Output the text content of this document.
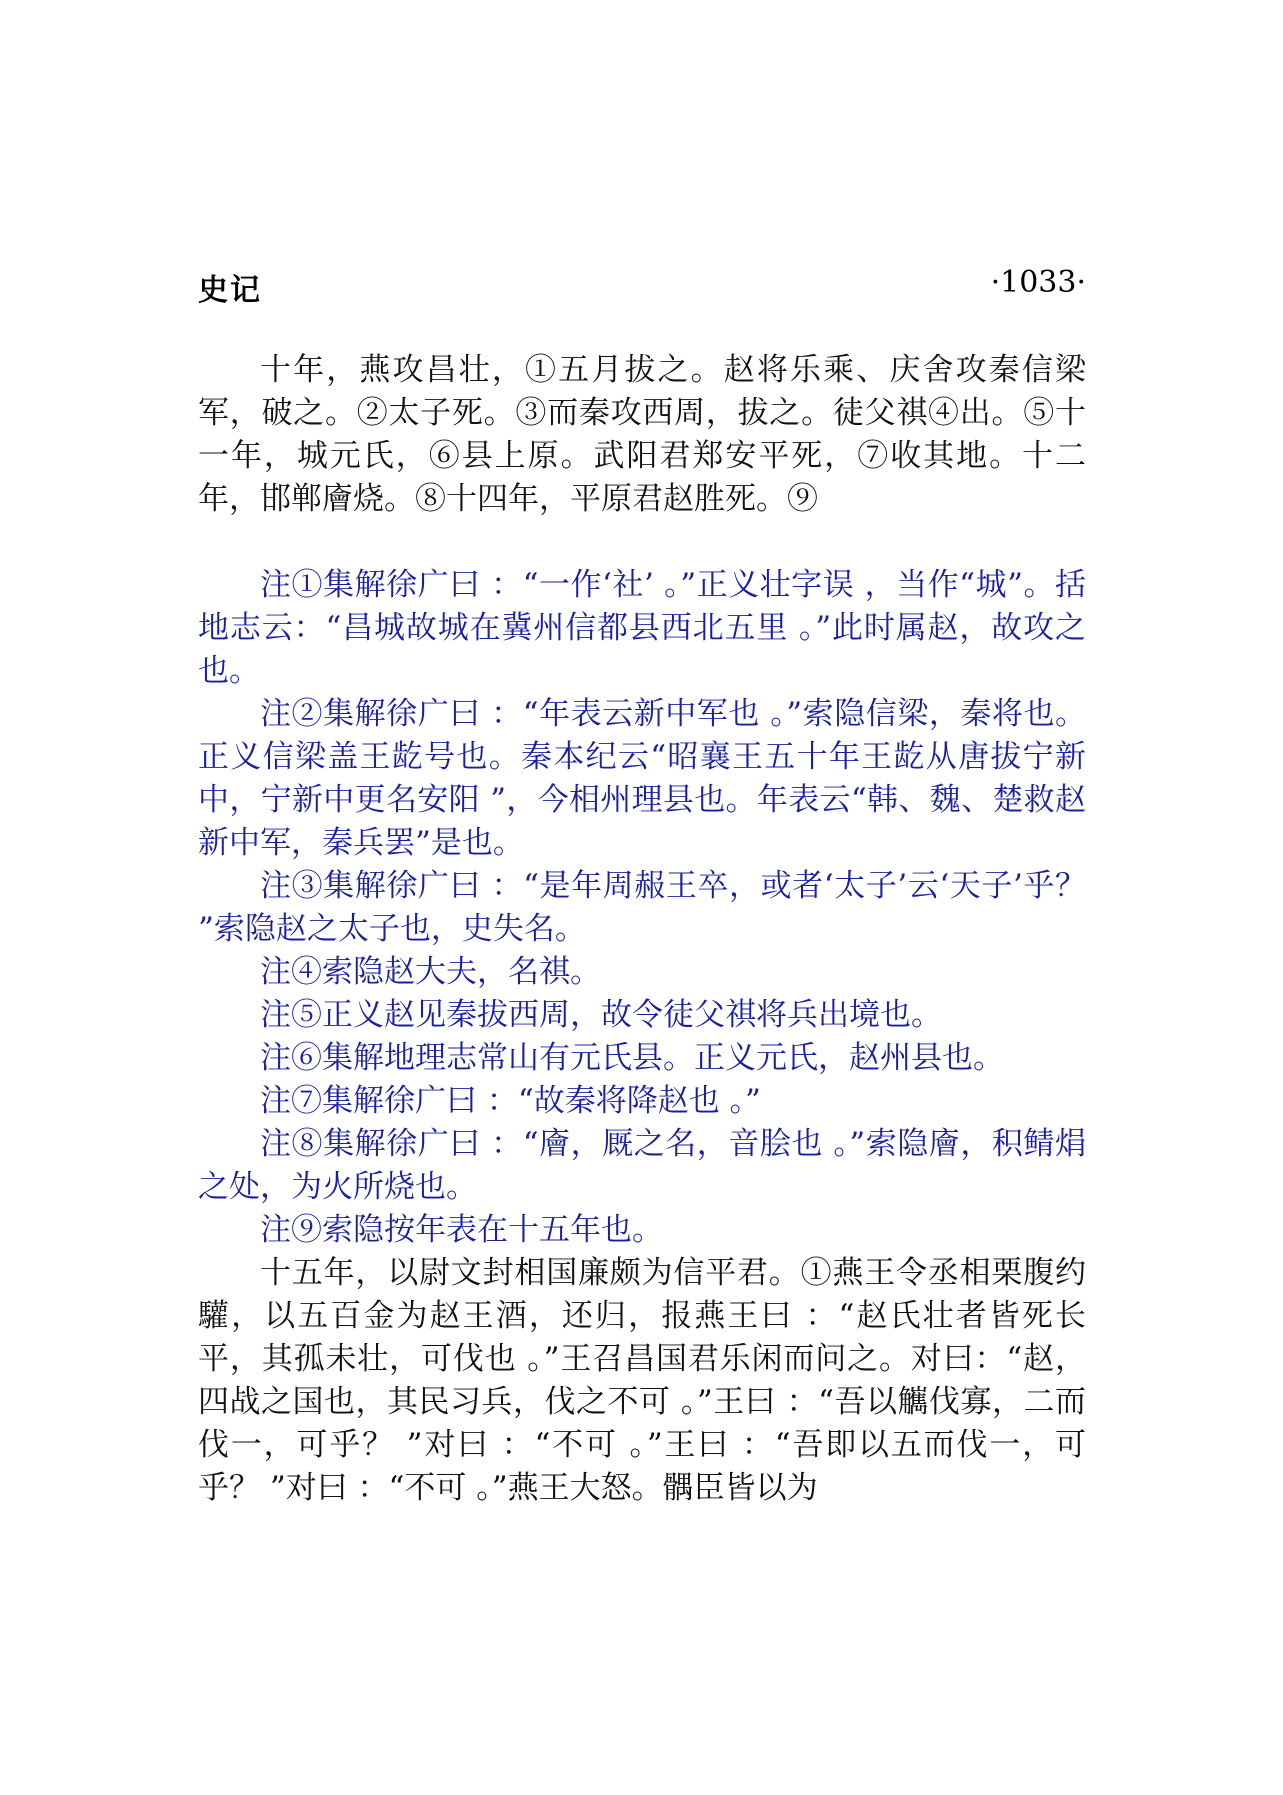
史记	·1033·

十年，燕攻昌壮，①五月拔之。赵将乐乘、庆舍攻秦信梁军，破之。②太子死。③而秦攻西周，拔之。徒父祺④出。⑤十一年，城元氏，⑥县上原。武阳君郑安平死，⑦收其地。十二年，邯郸廥烧。⑧十四年，平原君赵胜死。⑨

注①集解徐广曰 ：“一作‘社’ 。”正义壮字误 ，当作“城”。括地志云：“昌城故城在冀州信都县西北五里 。”此时属赵，故攻之也。

注②集解徐广曰 ：“年表云新中军也 。”索隐信梁，秦将也。正义信梁盖王龁号也。秦本纪云“昭襄王五十年王龁从唐拔宁新中，宁新中更名安阳 ”，今相州理县也。年表云“韩、魏、楚救赵新中军，秦兵罢”是也。

注③集解徐广曰 ：“是年周赧王卒，或者‘太子’云‘天子’乎？ ”索隐赵之太子也，史失名。

注④索隐赵大夫，名祺。

注⑤正义赵见秦拔西周，故令徒父祺将兵出境也。

注⑥集解地理志常山有元氏县。正义元氏，赵州县也。

注⑦集解徐广曰 ：“故秦将降赵也 。”

注⑧集解徐广曰 ：“廥，厩之名，音脍也 。”索隐廥，积鲭焆之处，为火所烧也。

注⑨索隐按年表在十五年也。

十五年，以尉文封相国廉颇为信平君。①燕王令丞相栗腹约驩，以五百金为赵王酒，还归，报燕王曰 ：“赵氏壮者皆死长平，其孤未壮，可伐也 。”王召昌国君乐闲而问之。对曰：“赵，四战之国也，其民习兵，伐之不可 。”王曰 ：“吾以觽伐寡，二而伐一，可乎？ ”对曰 ：“不可 。”王曰 ：“吾即以五而伐一，可乎？ ”对曰 ：“不可 。”燕王大怒。髃臣皆以为
